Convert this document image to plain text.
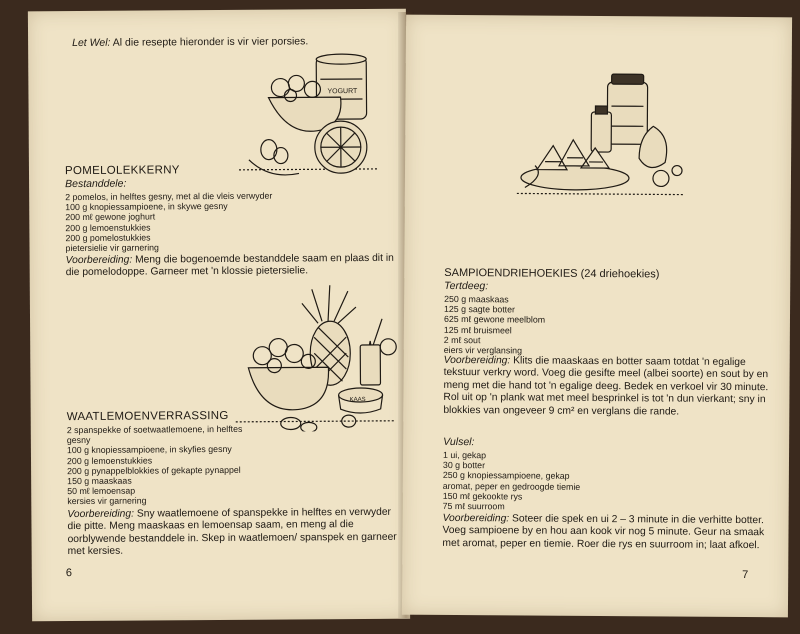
Let Wel: Al die resepte hieronder is vir vier porsies.

YOGURT

POMELOLEKKERNY

Bestanddele:

2 pomelos, in helftes gesny, met al die vleis verwyder
100 g knopiessampioene, in skywe gesny
200 mℓ gewone joghurt
200 g lemoenstukkies
200 g pomelostukkies
pietersielie vir garnering

Voorbereiding: Meng die bogenoemde bestanddele saam en plaas dit in die pomelodoppe. Garneer met 'n klossie pietersielie.

KAAS

WAATLEMOENVERRASSING

2 spanspekke of soetwaatlemoene, in helftes
gesny
100 g knopiessampioene, in skyfies gesny
200 g lemoenstukkies
200 g pynappelblokkies of gekapte pynappel
150 g maaskaas
50 mℓ lemoensap
kersies vir garnering

Voorbereiding: Sny waatlemoene of spanspekke in helftes en verwyder die pitte. Meng maaskaas en lemoensap saam, en meng al die oorblywende bestanddele in. Skep in waatlemoen/ spanspek en garneer met kersies.

6

SAMPIOENDRIEHOEKIES (24 driehoekies)

Tertdeeg:

250 g maaskaas
125 g sagte botter
625 mℓ gewone meelblom
125 mℓ bruismeel
2 mℓ sout
eiers vir verglansing

Voorbereiding: Klits die maaskaas en botter saam totdat 'n egalige tekstuur verkry word. Voeg die gesifte meel (albei soorte) en sout by en meng met die hand tot 'n egalige deeg. Bedek en verkoel vir 30 minute. Rol uit op 'n plank wat met meel besprinkel is tot 'n dun vierkant; sny in blokkies van ongeveer 9 cm² en verglans die rande.

Vulsel:

1 ui, gekap
30 g botter
250 g knopiessampioene, gekap
aromat, peper en gedroogde tiemie
150 mℓ gekookte rys
75 mℓ suurroom

Voorbereiding: Soteer die spek en ui 2 – 3 minute in die verhitte botter. Voeg sampioene by en hou aan kook vir nog 5 minute. Geur na smaak met aromat, peper en tiemie. Roer die rys en suurroom in; laat afkoel.

7
